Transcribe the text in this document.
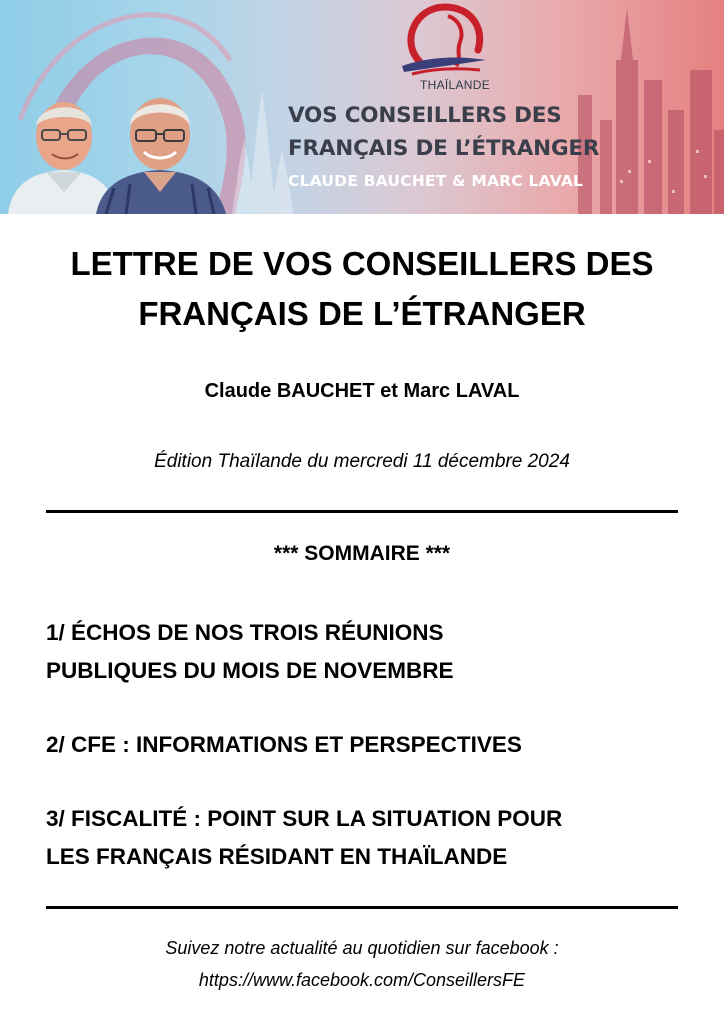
THAÏLANDE
VOS CONSEILLERS DES
FRANÇAIS DE L’ÉTRANGER
CLAUDE BAUCHET & MARC LAVAL
LETTRE DE VOS CONSEILLERS DES
FRANÇAIS DE L’ÉTRANGER
Claude BAUCHET et Marc LAVAL
Édition Thaïlande du mercredi 11 décembre 2024
*** SOMMAIRE ***
1/ ÉCHOS DE NOS TROIS RÉUNIONS
PUBLIQUES DU MOIS DE NOVEMBRE
2/ CFE : INFORMATIONS ET PERSPECTIVES
3/ FISCALITÉ : POINT SUR LA SITUATION POUR
LES FRANÇAIS RÉSIDANT EN THAÏLANDE
Suivez notre actualité au quotidien sur facebook :
https://www.facebook.com/ConseillersFE
